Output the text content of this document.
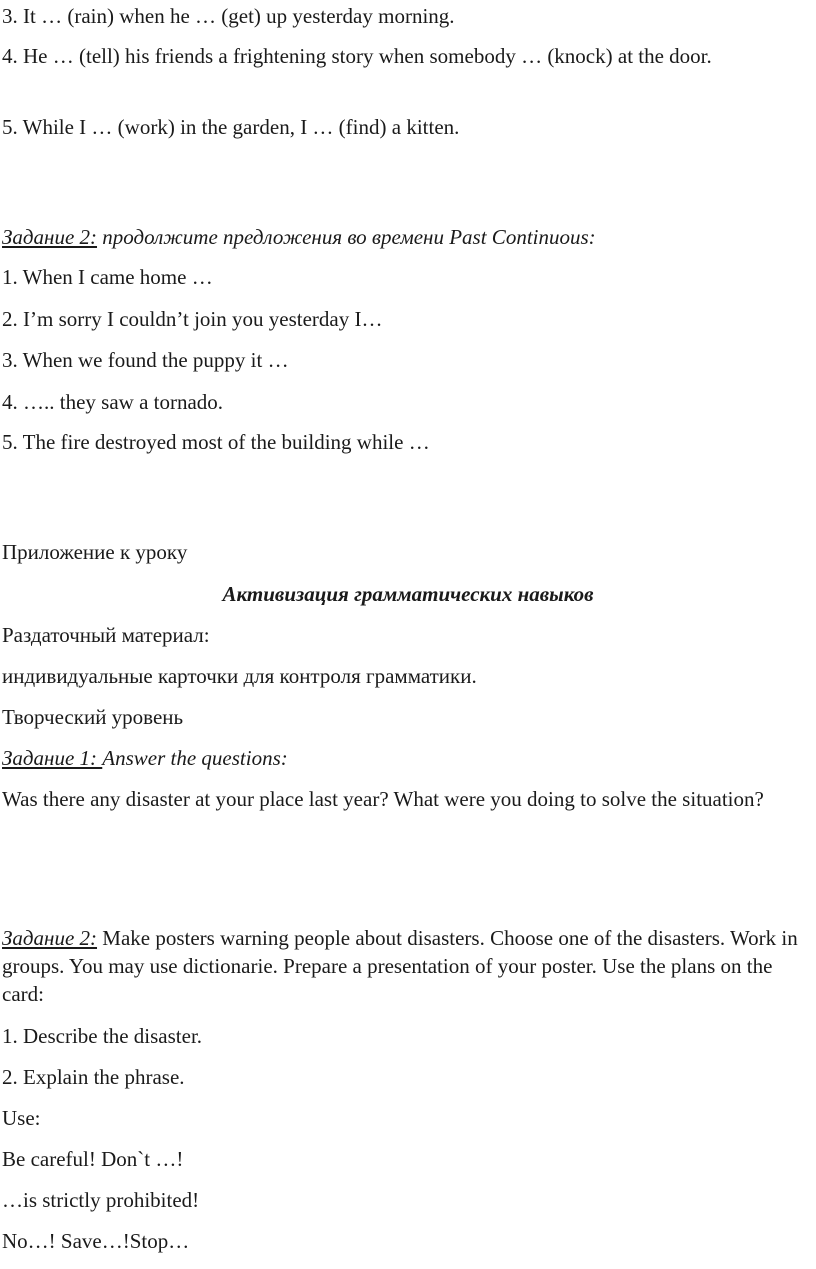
3. It … (rain) when he … (get) up yesterday morning.
4. He … (tell) his friends a frightening story when somebody … (knock) at the door.
5. While I … (work) in the garden, I … (find) a kitten.
Задание 2: продолжите предложения во времени Past Continuous:
1. When I came home …
2. I’m sorry I couldn’t join you yesterday I…
3. When we found the puppy it …
4. ….. they saw a tornado.
5. The fire destroyed most of the building while …
Приложение к уроку
Активизация грамматических навыков
Раздаточный материал:
индивидуальные карточки для контроля грамматики.
Творческий уровень
Задание 1: Answer the questions:
Was there any disaster at your place last year? What were you doing to solve the situation?
Задание 2: Make posters warning people about disasters. Choose one of the disasters. Work in groups. You may use dictionarie. Prepare a presentation of your poster. Use the plans on the card:
1. Describe the disaster.
2. Explain the phrase.
Use:
Be careful! Don`t …!
…is strictly prohibited!
No…! Save…!Stop…
